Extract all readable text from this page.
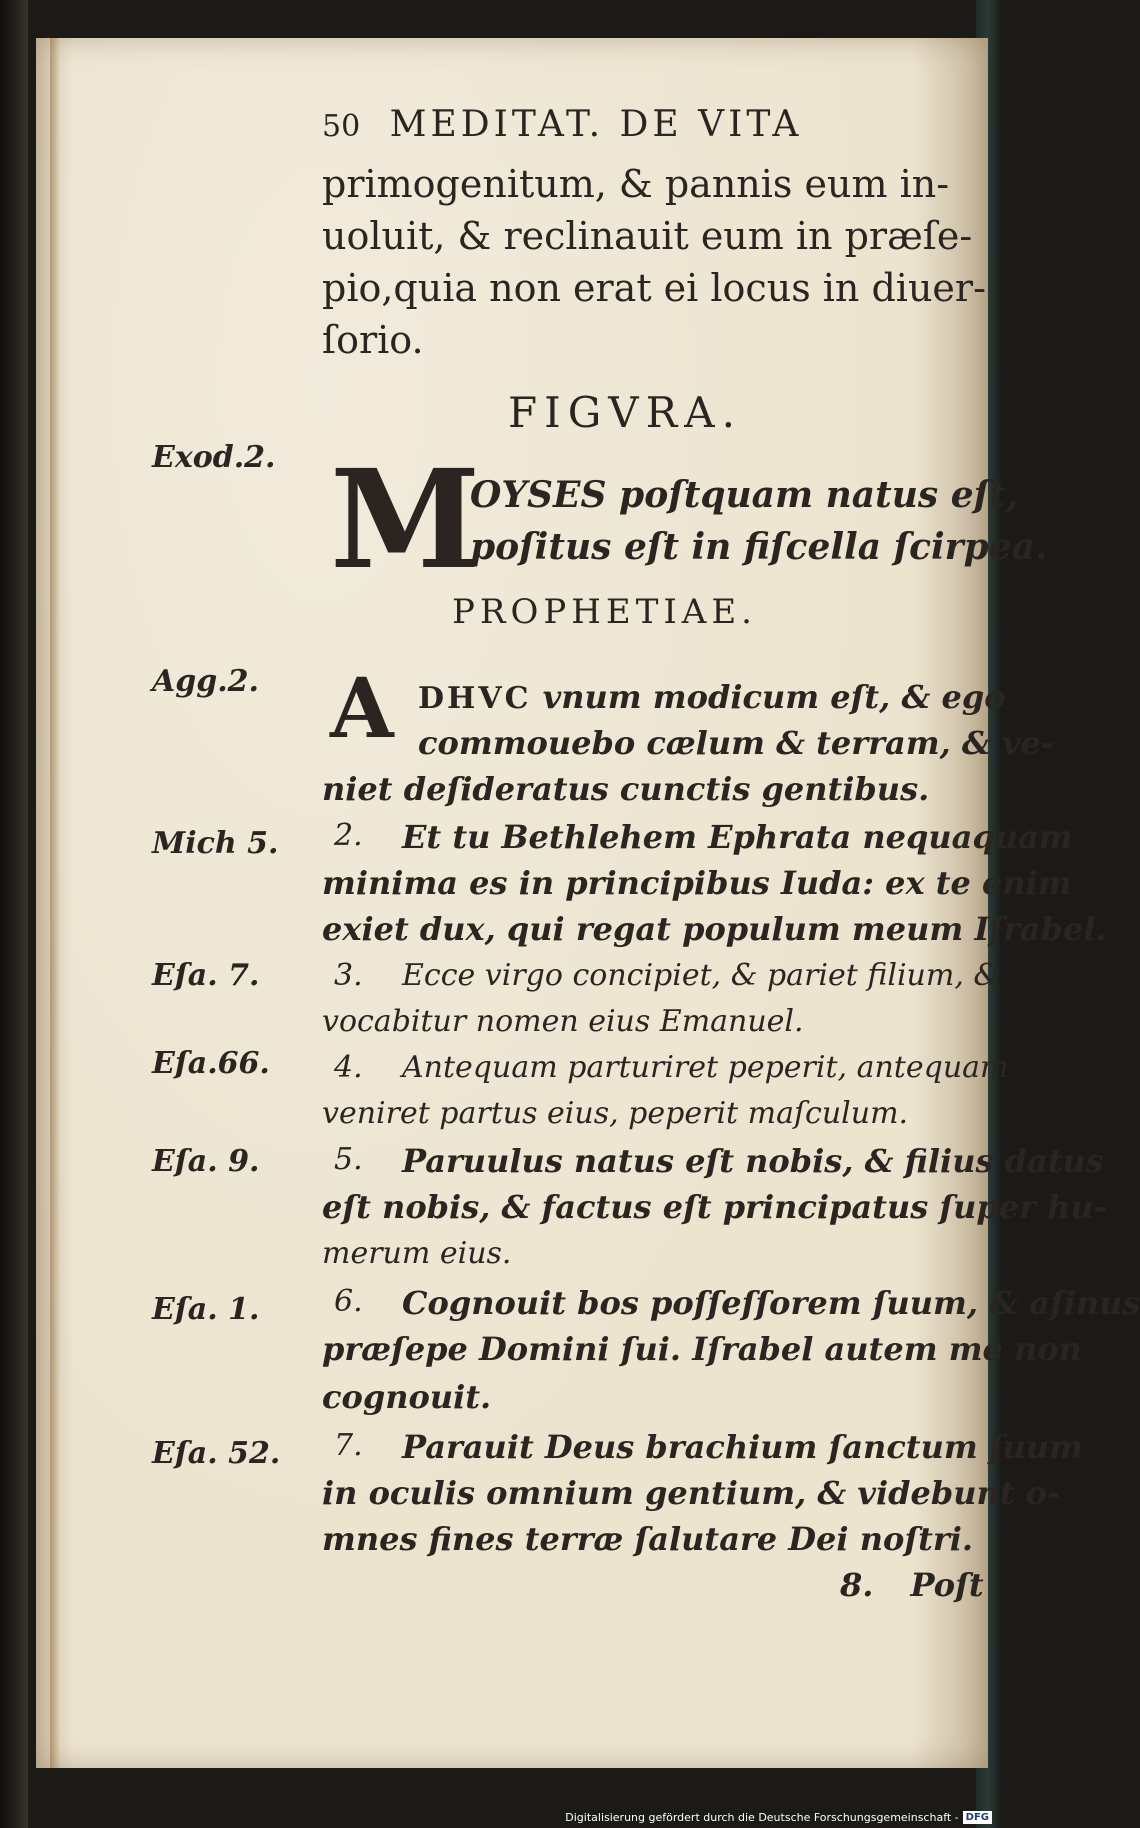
50 MEDITAT. DE VITA
primogenitum, & pannis eum in-
uoluit, & reclinauit eum in præſe-
pio,quia non erat ei locus in diuer-
ſorio.
FIGVRA.
Exod.2. M
OYSES poſtquam natus eſt,
poſitus eſt in fiſcella ſcirpea.
PROPHETIAE.
Agg.2. A DHVC vnum modicum eſt, & ego
commouebo cælum & terram, & ve-
niet deſideratus cunctis gentibus.
Mich 5. 2. Et tu Bethlehem Ephrata nequaquam
minima es in principibus Iuda: ex te enim
exiet dux, qui regat populum meum Iſrabel.
Eſa. 7. 3. Ecce virgo concipiet, & pariet filium, &
vocabitur nomen eius Emanuel.
Eſa.66. 4. Antequam parturiret peperit, antequam
veniret partus eius, peperit maſculum.
Eſa. 9. 5. Paruulus natus eſt nobis, & filius datus
eſt nobis, & factus eſt principatus ſuper hu-
merum eius.
Eſa. 1. 6. Cognouit bos poſſeſſorem ſuum, & aſinus
præſepe Domini ſui. Iſrabel autem me non
cognouit.
Eſa. 52. 7. Parauit Deus brachium ſanctum ſuum
in oculis omnium gentium, & videbunt o-
mnes fines terræ ſalutare Dei noſtri.
8. Poſt
Digitalisierung gefördert durch die Deutsche Forschungsgemeinschaft - DFG
